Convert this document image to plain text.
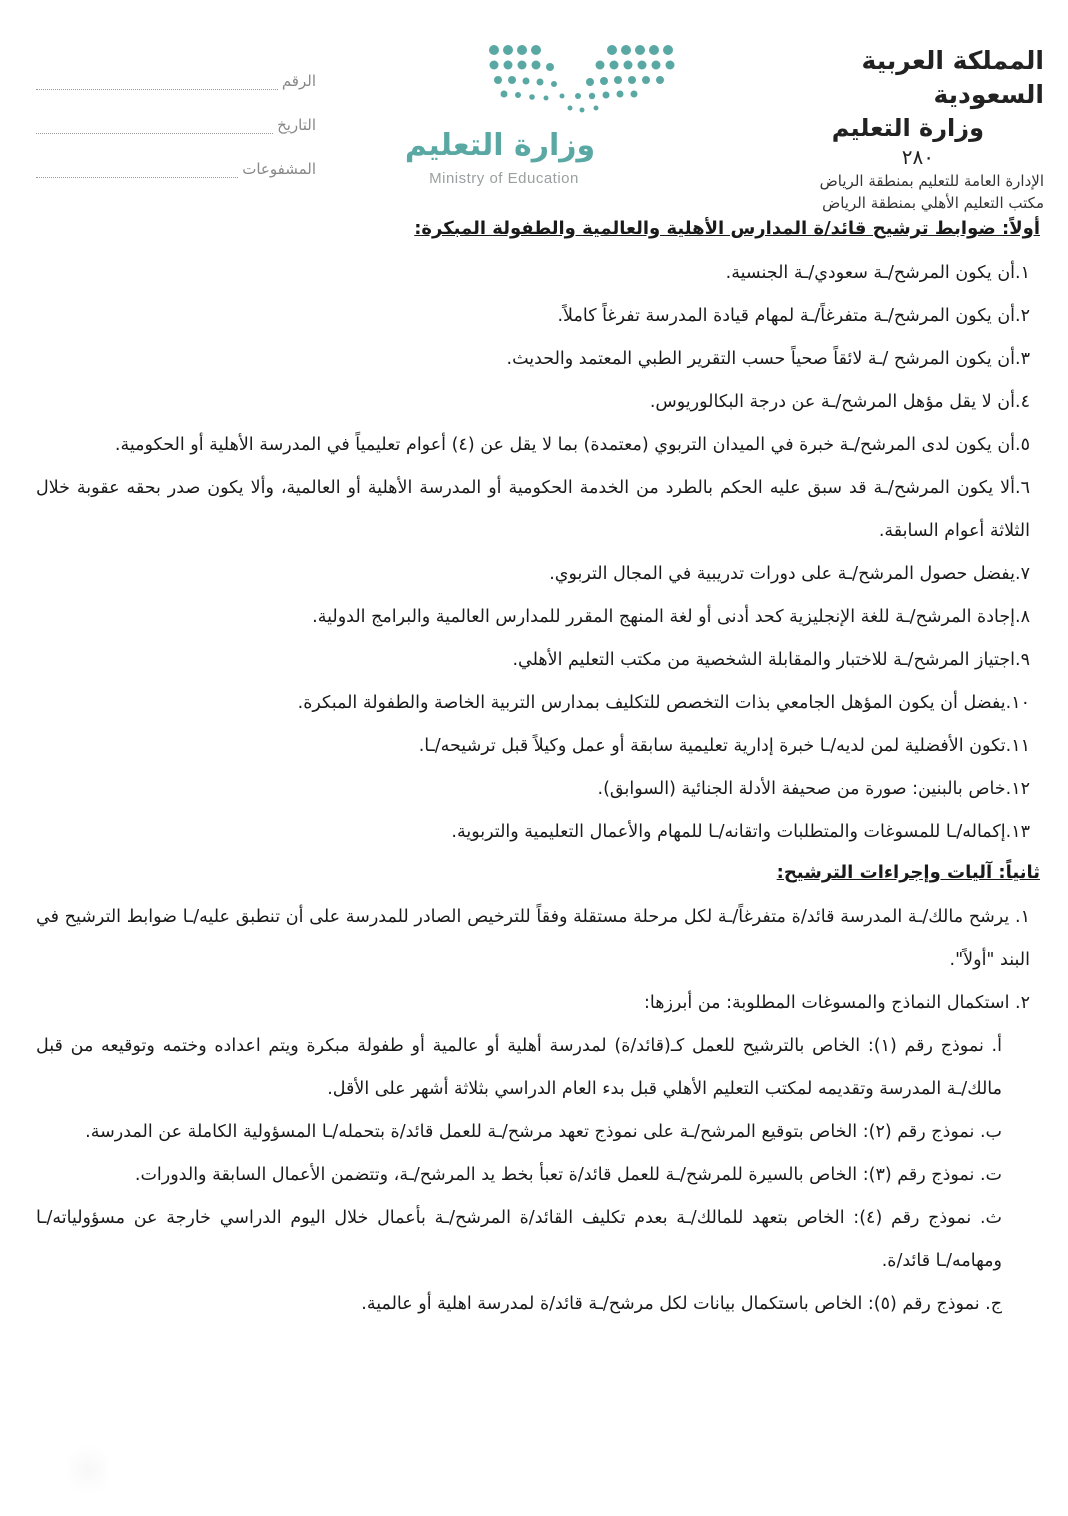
المملكة العربية السعودية
وزارة التعليم
٢٨٠
الإدارة العامة للتعليم بمنطقة الرياض
مكتب التعليم الأهلي بمنطقة الرياض
وزارة التعليم
Ministry of Education
الرقم
التاريخ
المشفوعات
أولاً: ضوابط ترشيح قائد/ة المدارس الأهلية والعالمية والطفولة المبكرة:
١.أن يكون المرشح/ـة سعودي/ـة الجنسية.
٢.أن يكون المرشح/ـة متفرغاً/ـة لمهام قيادة المدرسة تفرغاً كاملاً.
٣.أن يكون المرشح /ـة لائقاً صحياً حسب التقرير الطبي المعتمد والحديث.
٤.أن لا يقل مؤهل المرشح/ـة عن درجة البكالوريوس.
٥.أن يكون لدى المرشح/ـة خبرة في الميدان التربوي (معتمدة) بما لا يقل عن (٤) أعوام تعليمياً في المدرسة الأهلية أو الحكومية.
٦.ألا يكون المرشح/ـة قد سبق عليه الحكم بالطرد من الخدمة الحكومية أو المدرسة الأهلية أو العالمية، وألا يكون صدر بحقه عقوبة خلال الثلاثة أعوام السابقة.
٧.يفضل حصول المرشح/ـة على دورات تدريبية في المجال التربوي.
٨.إجادة المرشح/ـة للغة الإنجليزية كحد أدنى أو لغة المنهج المقرر للمدارس العالمية والبرامج الدولية.
٩.اجتياز المرشح/ـة للاختبار والمقابلة الشخصية من مكتب التعليم الأهلي.
١٠.يفضل أن يكون المؤهل الجامعي بذات التخصص للتكليف بمدارس التربية الخاصة والطفولة المبكرة.
١١.تكون الأفضلية لمن لديه/ـا خبرة إدارية تعليمية سابقة أو عمل وكيلاً قبل ترشيحه/ـا.
١٢.خاص بالبنين: صورة من صحيفة الأدلة الجنائية (السوابق).
١٣.إكماله/ـا للمسوغات والمتطلبات واتقانه/ـا للمهام والأعمال التعليمية والتربوية.
ثانياً: آليات وإجراءات الترشيح:
١. يرشح مالك/ـة المدرسة قائد/ة متفرغاً/ـة لكل مرحلة مستقلة وفقاً للترخيص الصادر للمدرسة على أن تنطبق عليه/ـا ضوابط الترشيح في البند "أولاً".
٢. استكمال النماذج والمسوغات المطلوبة: من أبرزها:
أ. نموذج رقم (١): الخاص بالترشيح للعمل كـ(قائد/ة) لمدرسة أهلية أو عالمية أو طفولة مبكرة ويتم اعداده وختمه وتوقيعه من قبل مالك/ـة المدرسة وتقديمه لمكتب التعليم الأهلي قبل بدء العام الدراسي بثلاثة أشهر على الأقل.
ب. نموذج رقم (٢): الخاص بتوقيع المرشح/ـة على نموذج تعهد مرشح/ـة للعمل قائد/ة بتحمله/ـا المسؤولية الكاملة عن المدرسة.
ت. نموذج رقم (٣): الخاص بالسيرة للمرشح/ـة للعمل قائد/ة تعبأ بخط يد المرشح/ـة، وتتضمن الأعمال السابقة والدورات.
ث. نموذج رقم (٤): الخاص بتعهد للمالك/ـة بعدم تكليف القائد/ة المرشح/ـة بأعمال خلال اليوم الدراسي خارجة عن مسؤولياته/ـا ومهامه/ـا قائد/ة.
ج. نموذج رقم (٥): الخاص باستكمال بيانات لكل مرشح/ـة قائد/ة لمدرسة اهلية أو عالمية.
